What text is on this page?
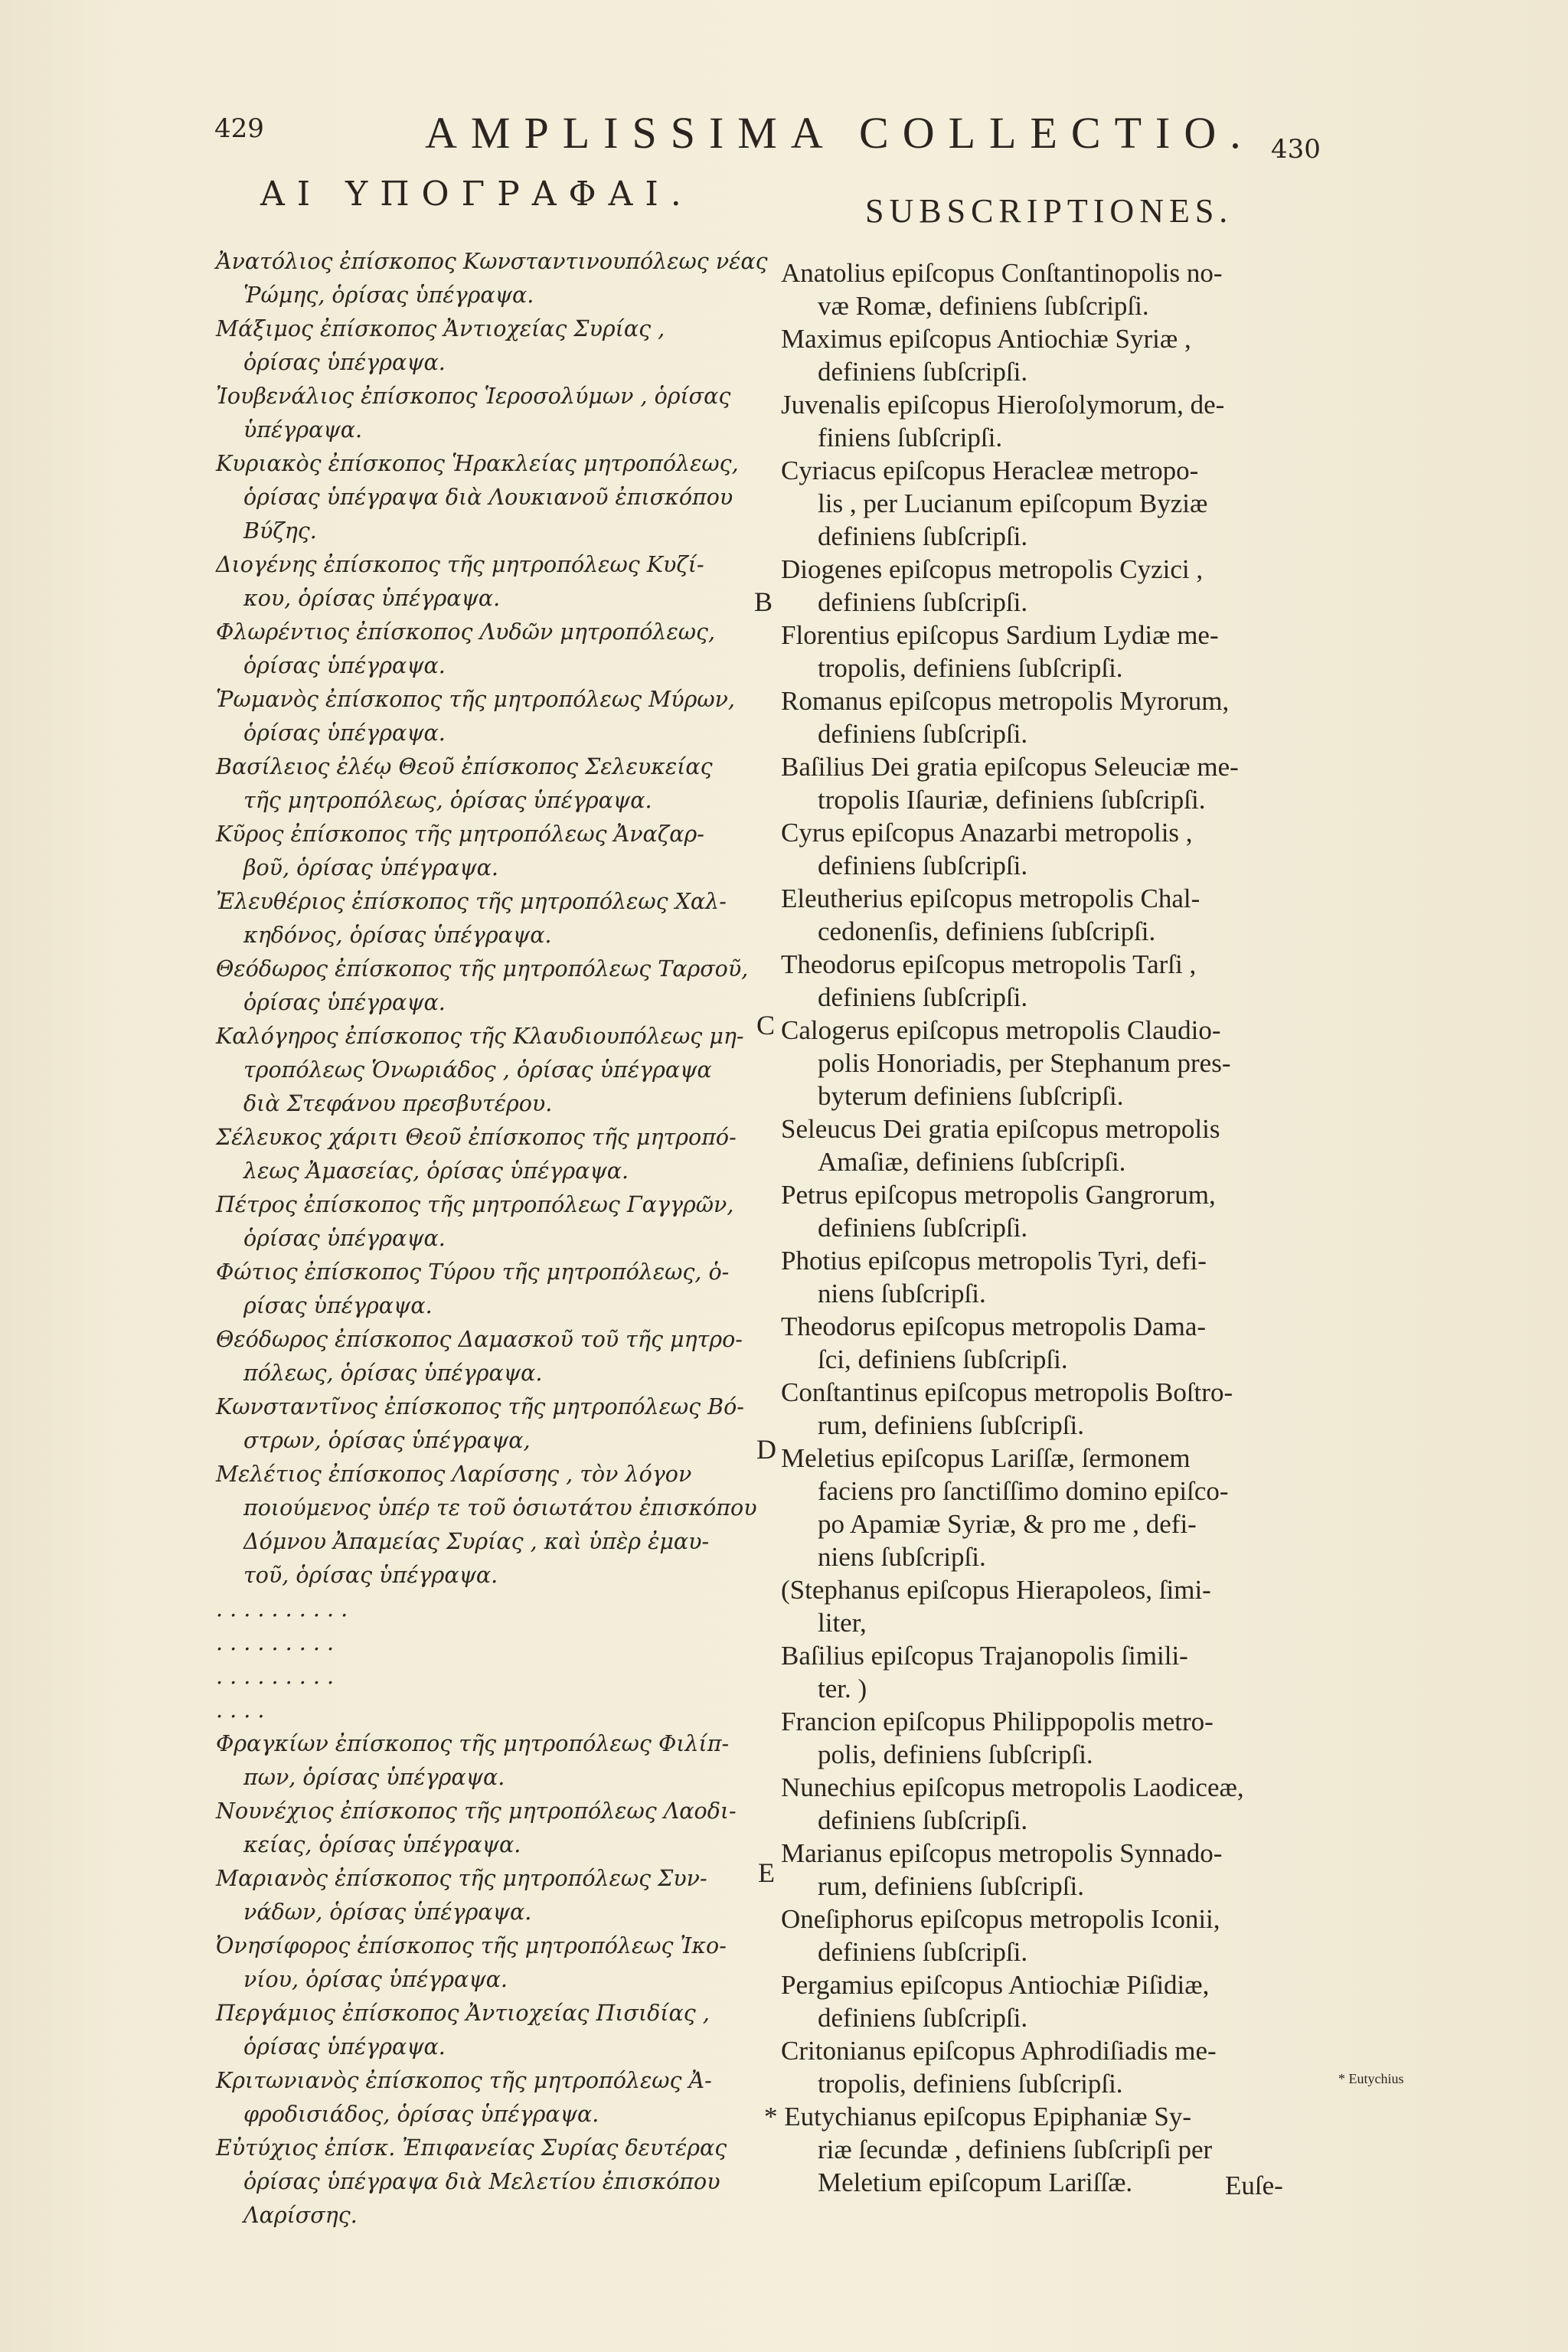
429	AMPLISSIMA COLLECTIO. 430
ΑΙ ΥΠΟΓΡΑΦΑΙ.	SUBSCRIPTIONES.
Ἀνατόλιος ἐπίσκοπος Κωνσταντινουπόλεως νέας
Ῥώμης, ὁρίσας ὑπέγραψα.
Μάξιμος ἐπίσκοπος Ἀντιοχείας Συρίας ,
ὁρίσας ὑπέγραψα.
Ἰουβενάλιος ἐπίσκοπος Ἱεροσολύμων , ὁρίσας
ὑπέγραψα.
Κυριακὸς ἐπίσκοπος Ἡρακλείας μητροπόλεως,
ὁρίσας ὑπέγραψα διὰ Λουκιανοῦ ἐπισκόπου
Βύζης.
Διογένης ἐπίσκοπος τῆς μητροπόλεως Κυζί-
κου, ὁρίσας ὑπέγραψα.
Φλωρέντιος ἐπίσκοπος Λυδῶν μητροπόλεως,
ὁρίσας ὑπέγραψα.
Ῥωμανὸς ἐπίσκοπος τῆς μητροπόλεως Μύρων,
ὁρίσας ὑπέγραψα.
Βασίλειος ἐλέῳ Θεοῦ ἐπίσκοπος Σελευκείας
τῆς μητροπόλεως, ὁρίσας ὑπέγραψα.
Κῦρος ἐπίσκοπος τῆς μητροπόλεως Ἀναζαρ-
βοῦ, ὁρίσας ὑπέγραψα.
Ἐλευθέριος ἐπίσκοπος τῆς μητροπόλεως Χαλ-
κηδόνος, ὁρίσας ὑπέγραψα.
Θεόδωρος ἐπίσκοπος τῆς μητροπόλεως Ταρσοῦ,
ὁρίσας ὑπέγραψα.
Καλόγηρος ἐπίσκοπος τῆς Κλαυδιουπόλεως μη-
τροπόλεως Ὁνωριάδος , ὁρίσας ὑπέγραψα
διὰ Στεφάνου πρεσβυτέρου.
Σέλευκος χάριτι Θεοῦ ἐπίσκοπος τῆς μητροπό-
λεως Ἀμασείας, ὁρίσας ὑπέγραψα.
Πέτρος ἐπίσκοπος τῆς μητροπόλεως Γαγγρῶν,
ὁρίσας ὑπέγραψα.
Φώτιος ἐπίσκοπος Τύρου τῆς μητροπόλεως, ὁ-
ρίσας ὑπέγραψα.
Θεόδωρος ἐπίσκοπος Δαμασκοῦ τοῦ τῆς μητρο-
πόλεως, ὁρίσας ὑπέγραψα.
Κωνσταντῖνος ἐπίσκοπος τῆς μητροπόλεως Βό-
στρων, ὁρίσας ὑπέγραψα,
Μελέτιος ἐπίσκοπος Λαρίσσης , τὸν λόγον
ποιούμενος ὑπέρ τε τοῦ ὁσιωτάτου ἐπισκόπου
Δόμνου Ἀπαμείας Συρίας , καὶ ὑπὲρ ἐμαυ-
τοῦ, ὁρίσας ὑπέγραψα.
. . . . . . . . . .
. . . . . . . . .
. . . . . . . . .
. . . .
Φραγκίων ἐπίσκοπος τῆς μητροπόλεως Φιλίπ-
πων, ὁρίσας ὑπέγραψα.
Νουνέχιος ἐπίσκοπος τῆς μητροπόλεως Λαοδι-
κείας, ὁρίσας ὑπέγραψα.
Μαριανὸς ἐπίσκοπος τῆς μητροπόλεως Συν-
νάδων, ὁρίσας ὑπέγραψα.
Ὀνησίφορος ἐπίσκοπος τῆς μητροπόλεως Ἰκο-
νίου, ὁρίσας ὑπέγραψα.
Περγάμιος ἐπίσκοπος Ἀντιοχείας Πισιδίας ,
ὁρίσας ὑπέγραψα.
Κριτωνιανὸς ἐπίσκοπος τῆς μητροπόλεως Ἀ-
φροδισιάδος, ὁρίσας ὑπέγραψα.
Εὐτύχιος ἐπίσκ. Ἐπιφανείας Συρίας δευτέρας
ὁρίσας ὑπέγραψα διὰ Μελετίου ἐπισκόπου
Λαρίσσης.
Anatolius epiſcopus Conſtantinopolis no-
væ Romæ, definiens ſubſcripſi.
Maximus epiſcopus Antiochiæ Syriæ ,
definiens ſubſcripſi.
Juvenalis epiſcopus Hieroſolymorum, de-
finiens ſubſcripſi.
Cyriacus epiſcopus Heracleæ metropo-
lis , per Lucianum epiſcopum Byziæ
definiens ſubſcripſi.
Diogenes epiſcopus metropolis Cyzici ,
definiens ſubſcripſi.
Florentius epiſcopus Sardium Lydiæ me-
tropolis, definiens ſubſcripſi.
Romanus epiſcopus metropolis Myrorum,
definiens ſubſcripſi.
Baſilius Dei gratia epiſcopus Seleuciæ me-
tropolis Iſauriæ, definiens ſubſcripſi.
Cyrus epiſcopus Anazarbi metropolis ,
definiens ſubſcripſi.
Eleutherius epiſcopus metropolis Chal-
cedonenſis, definiens ſubſcripſi.
Theodorus epiſcopus metropolis Tarſi ,
definiens ſubſcripſi.
Calogerus epiſcopus metropolis Claudio-
polis Honoriadis, per Stephanum pres-
byterum definiens ſubſcripſi.
Seleucus Dei gratia epiſcopus metropolis
Amaſiæ, definiens ſubſcripſi.
Petrus epiſcopus metropolis Gangrorum,
definiens ſubſcripſi.
Photius epiſcopus metropolis Tyri, defi-
niens ſubſcripſi.
Theodorus epiſcopus metropolis Dama-
ſci, definiens ſubſcripſi.
Conſtantinus epiſcopus metropolis Boſtro-
rum, definiens ſubſcripſi.
Meletius epiſcopus Lariſſæ, ſermonem
faciens pro ſanctiſſimo domino epiſco-
po Apamiæ Syriæ, & pro me , defi-
niens ſubſcripſi.
(Stephanus epiſcopus Hierapoleos, ſimi-
liter,
Baſilius epiſcopus Trajanopolis ſimili-
ter. )
Francion epiſcopus Philippopolis metro-
polis, definiens ſubſcripſi.
Nunechius epiſcopus metropolis Laodiceæ,
definiens ſubſcripſi.
Marianus epiſcopus metropolis Synnado-
rum, definiens ſubſcripſi.
Oneſiphorus epiſcopus metropolis Iconii,
definiens ſubſcripſi.
Pergamius epiſcopus Antiochiæ Piſidiæ,
definiens ſubſcripſi.
Critonianus epiſcopus Aphrodiſiadis me-
tropolis, definiens ſubſcripſi.
* Eutychianus epiſcopus Epiphaniæ Sy-
riæ ſecundæ , definiens ſubſcripſi per
Meletium epiſcopum Lariſſæ.
B
C
D
E
* Eutychius
Euſe-
